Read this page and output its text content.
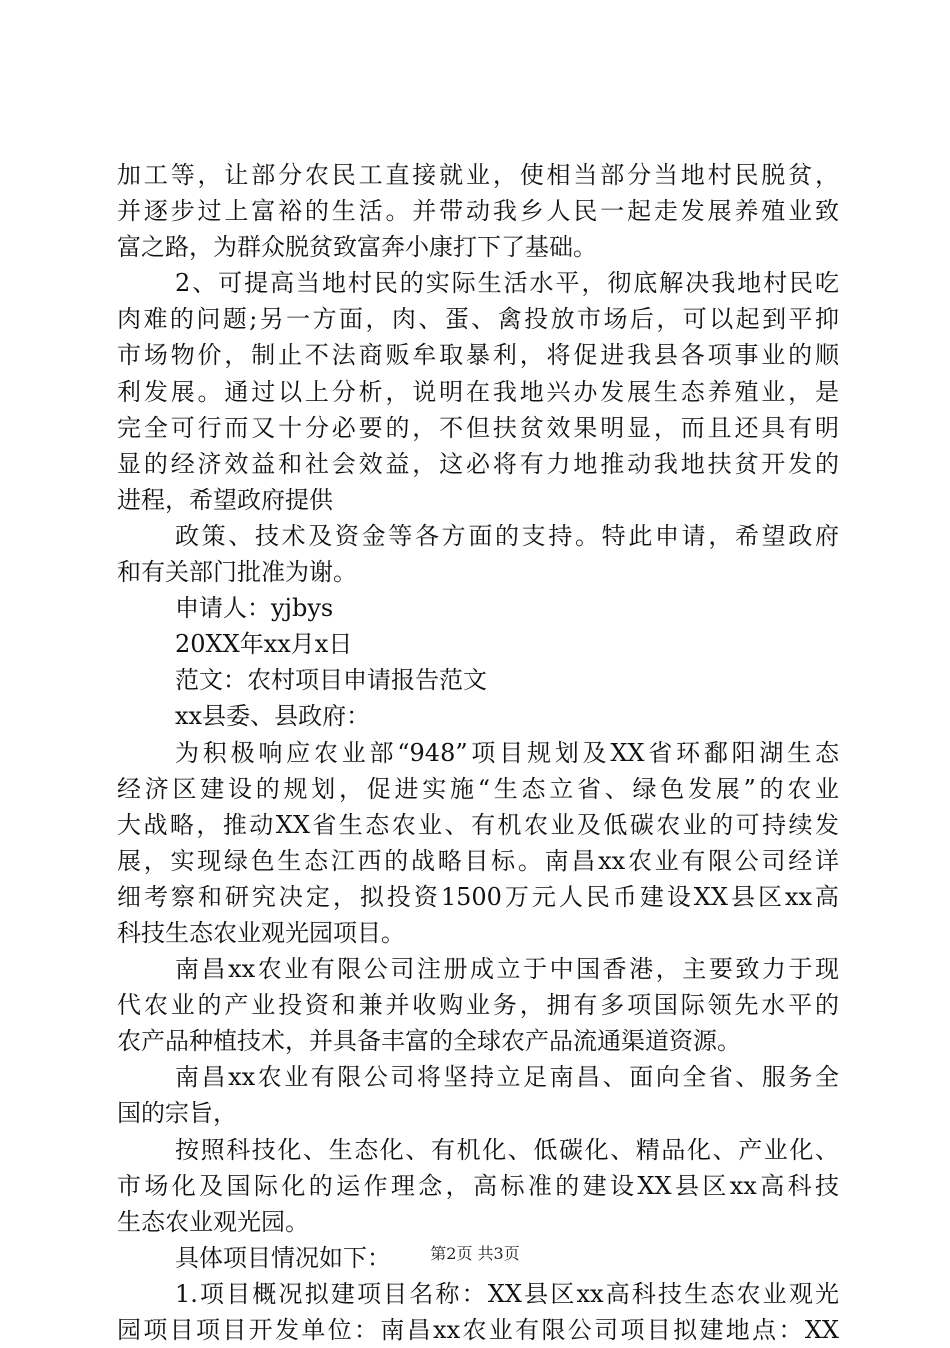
加工等，让部分农民工直接就业，使相当部分当地村民脱贫，
并逐步过上富裕的生活。并带动我乡人民一起走发展养殖业致
富之路，为群众脱贫致富奔小康打下了基础。
2、可提高当地村民的实际生活水平，彻底解决我地村民吃
肉难的问题;另一方面，肉、蛋、禽投放市场后，可以起到平抑
市场物价，制止不法商贩牟取暴利，将促进我县各项事业的顺
利发展。通过以上分析，说明在我地兴办发展生态养殖业，是
完全可行而又十分必要的，不但扶贫效果明显，而且还具有明
显的经济效益和社会效益，这必将有力地推动我地扶贫开发的
进程，希望政府提供
政策、技术及资金等各方面的支持。特此申请，希望政府
和有关部门批准为谢。
申请人：yjbys
20XX年xx月x日
范文：农村项目申请报告范文
xx县委、县政府：
为积极响应农业部“948”项目规划及XX省环鄱阳湖生态
经济区建设的规划，促进实施“生态立省、绿色发展”的农业
大战略，推动XX省生态农业、有机农业及低碳农业的可持续发
展，实现绿色生态江西的战略目标。南昌xx农业有限公司经详
细考察和研究决定，拟投资1500万元人民币建设XX县区xx高
科技生态农业观光园项目。
南昌xx农业有限公司注册成立于中国香港，主要致力于现
代农业的产业投资和兼并收购业务，拥有多项国际领先水平的
农产品种植技术，并具备丰富的全球农产品流通渠道资源。
南昌xx农业有限公司将坚持立足南昌、面向全省、服务全
国的宗旨，
按照科技化、生态化、有机化、低碳化、精品化、产业化、
市场化及国际化的运作理念，高标准的建设XX县区xx高科技
生态农业观光园。
具体项目情况如下：
1.项目概况拟建项目名称：XX县区xx高科技生态农业观光
园项目项目开发单位：南昌xx农业有限公司项目拟建地点：XX
第2页 共3页
